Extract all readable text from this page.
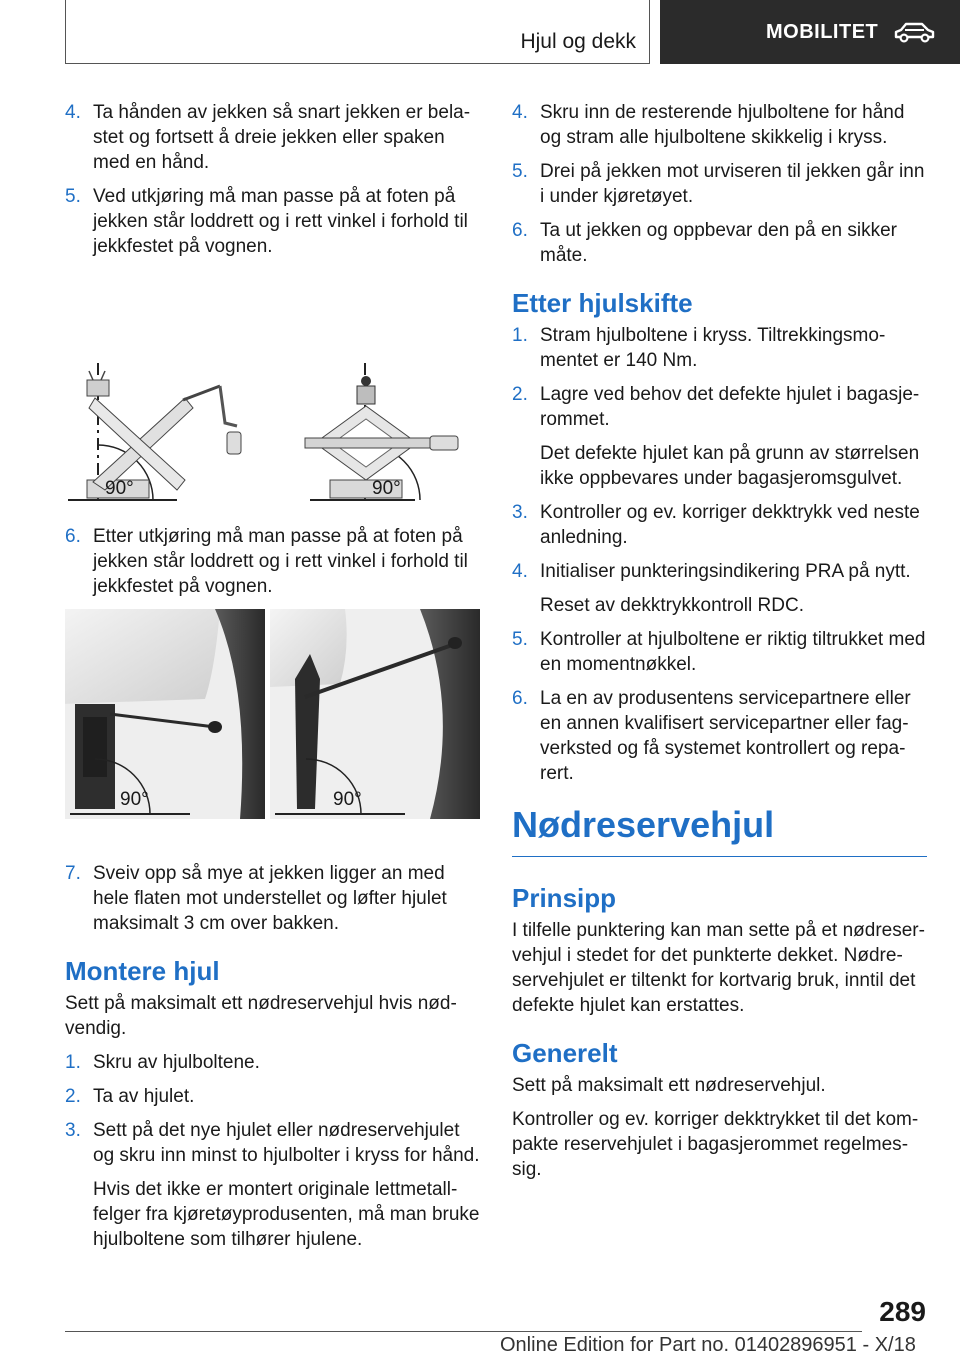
Hjul og dekk	MOBILITET
4. Ta hånden av jekken så snart jekken er belastet og fortsett å dreie jekken eller spaken med en hånd.
5. Ved utkjøring må man passe på at foten på jekken står loddrett og i rett vinkel i forhold til jekkfestet på vognen.
90°	90°
6. Etter utkjøring må man passe på at foten på jekken står loddrett og i rett vinkel i forhold til jekkfestet på vognen.
90°	90°
7. Sveiv opp så mye at jekken ligger an med hele flaten mot understellet og løfter hjulet maksimalt 3 cm over bakken.
Montere hjul
Sett på maksimalt ett nødreservehjul hvis nødvendig.
1. Skru av hjulboltene.
2. Ta av hjulet.
3. Sett på det nye hjulet eller nødreservehjulet og skru inn minst to hjulbolter i kryss for hånd.
Hvis det ikke er montert originale lettmetallfelger fra kjøretøyprodusenten, må man bruke hjulboltene som tilhører hjulene.
4. Skru inn de resterende hjulboltene for hånd og stram alle hjulboltene skikkelig i kryss.
5. Drei på jekken mot urviseren til jekken går inn i under kjøretøyet.
6. Ta ut jekken og oppbevar den på en sikker måte.
Etter hjulskifte
1. Stram hjulboltene i kryss. Tiltrekkingsmomentet er 140 Nm.
2. Lagre ved behov det defekte hjulet i bagasjerommet.
Det defekte hjulet kan på grunn av størrelsen ikke oppbevares under bagasjeromsgulvet.
3. Kontroller og ev. korriger dekktrykk ved neste anledning.
4. Initialiser punkteringsindikering PRA på nytt.
Reset av dekktrykkontroll RDC.
5. Kontroller at hjulboltene er riktig tiltrukket med en momentnøkkel.
6. La en av produsentens servicepartnere eller en annen kvalifisert servicepartner eller fagverksted og få systemet kontrollert og reparert.
Nødreservehjul
Prinsipp
I tilfelle punktering kan man sette på et nødreservehjul i stedet for det punkterte dekket. Nødreservehjulet er tiltenkt for kortvarig bruk, inntil det defekte hjulet kan erstattes.
Generelt
Sett på maksimalt ett nødreservehjul.
Kontroller og ev. korriger dekktrykket til det kompakte reservehjulet i bagasjerommet regelmessig.
289
Online Edition for Part no. 01402896951 - X/18
